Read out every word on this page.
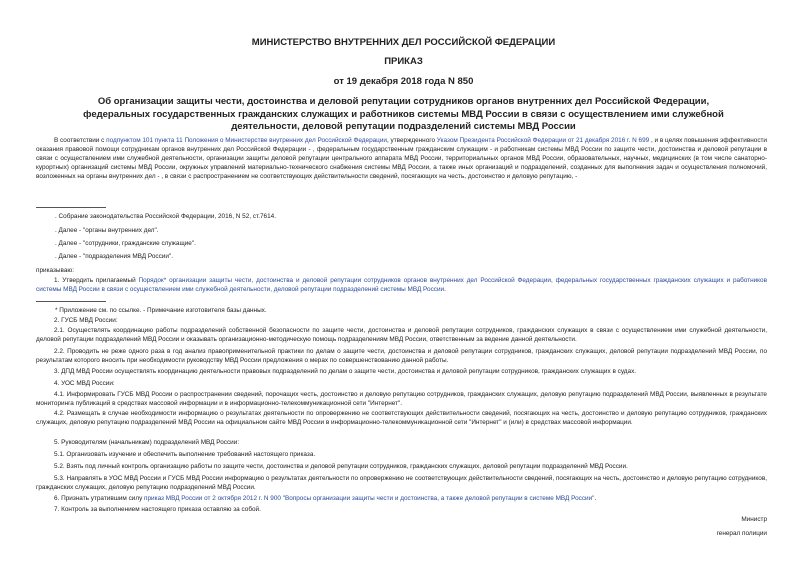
МИНИСТЕРСТВО ВНУТРЕННИХ ДЕЛ РОССИЙСКОЙ ФЕДЕРАЦИИ
ПРИКАЗ
от 19 декабря 2018 года N 850
Об организации защиты чести, достоинства и деловой репутации сотрудников органов внутренних дел Российской Федерации, федеральных государственных гражданских служащих и работников системы МВД России в связи с осуществлением ими служебной деятельности, деловой репутации подразделений системы МВД России

В соответствии с подпунктом 101 пункта 11 Положения о Министерстве внутренних дел Российской Федерации, утвержденного Указом Президента Российской Федерации от 21 декабря 2016 г. N 699 , и в целях повышения эффективности оказания правовой помощи сотрудникам органов внутренних дел Российской Федерации - , федеральным государственным гражданским служащим - и работникам системы МВД России по защите чести, достоинства и деловой репутации в связи с осуществлением ими служебной деятельности, организации защиты деловой репутации центрального аппарата МВД России, территориальных органов МВД России, образовательных, научных, медицинских (в том числе санаторно-курортных) организаций системы МВД России, окружных управлений материально-технического снабжения системы МВД России, а также иных организаций и подразделений, созданных для выполнения задач и осуществления полномочий, возложенных на органы внутренних дел - , в связи с распространением не соответствующих действительности сведений, посягающих на честь, достоинство и деловую репутацию, -

. Собрание законодательства Российской Федерации, 2016, N 52, ст.7614.

. Далее - "органы внутренних дел".

. Далее - "сотрудники, гражданские служащие".

. Далее - "подразделения МВД России".

приказываю:

1. Утвердить прилагаемый Порядок* организации защиты чести, достоинства и деловой репутации сотрудников органов внутренних дел Российской Федерации, федеральных государственных гражданских служащих и работников системы МВД России в связи с осуществлением ими служебной деятельности, деловой репутации подразделений системы МВД России.

* Приложение см. по ссылке. - Примечание изготовителя базы данных.

2. ГУСБ МВД России:

2.1. Осуществлять координацию работы подразделений собственной безопасности по защите чести, достоинства и деловой репутации сотрудников, гражданских служащих в связи с осуществлением ими служебной деятельности, деловой репутации подразделений МВД России и оказывать организационно-методическую помощь подразделениям МВД России, ответственным за ведение данной деятельности.

2.2. Проводить не реже одного раза в год анализ правоприменительной практики по делам о защите чести, достоинства и деловой репутации сотрудников, гражданских служащих, деловой репутации подразделений МВД России, по результатам которого вносить при необходимости руководству МВД России предложения о мерах по совершенствованию данной работы.

3. ДПД МВД России осуществлять координацию деятельности правовых подразделений по делам о защите чести, достоинства и деловой репутации сотрудников, гражданских служащих в судах.

4. УОС МВД России:

4.1. Информировать ГУСБ МВД России о распространении сведений, порочащих честь, достоинство и деловую репутацию сотрудников, гражданских служащих, деловую репутацию подразделений МВД России, выявленных в результате мониторинга публикаций в средствах массовой информации и в информационно-телекоммуникационной сети "Интернет".

4.2. Размещать в случае необходимости информацию о результатах деятельности по опровержению не соответствующих действительности сведений, посягающих на честь, достоинство и деловую репутацию сотрудников, гражданских служащих, деловую репутацию подразделений МВД России на официальном сайте МВД России в информационно-телекоммуникационной сети "Интернет" и (или) в средствах массовой информации.

5. Руководителям (начальникам) подразделений МВД России:

5.1. Организовать изучение и обеспечить выполнение требований настоящего приказа.

5.2. Взять под личный контроль организацию работы по защите чести, достоинства и деловой репутации сотрудников, гражданских служащих, деловой репутации подразделений МВД России.

5.3. Направлять в УОС МВД России и ГУСБ МВД России информацию о результатах деятельности по опровержению не соответствующих действительности сведений, посягающих на честь, достоинство и деловую репутацию сотрудников, гражданских служащих, деловую репутацию подразделений МВД России.

6. Признать утратившим силу приказ МВД России от 2 октября 2012 г. N 900 "Вопросы организации защиты чести и достоинства, а также деловой репутации в системе МВД России".

7. Контроль за выполнением настоящего приказа оставляю за собой.

Министр
генерал полиции
